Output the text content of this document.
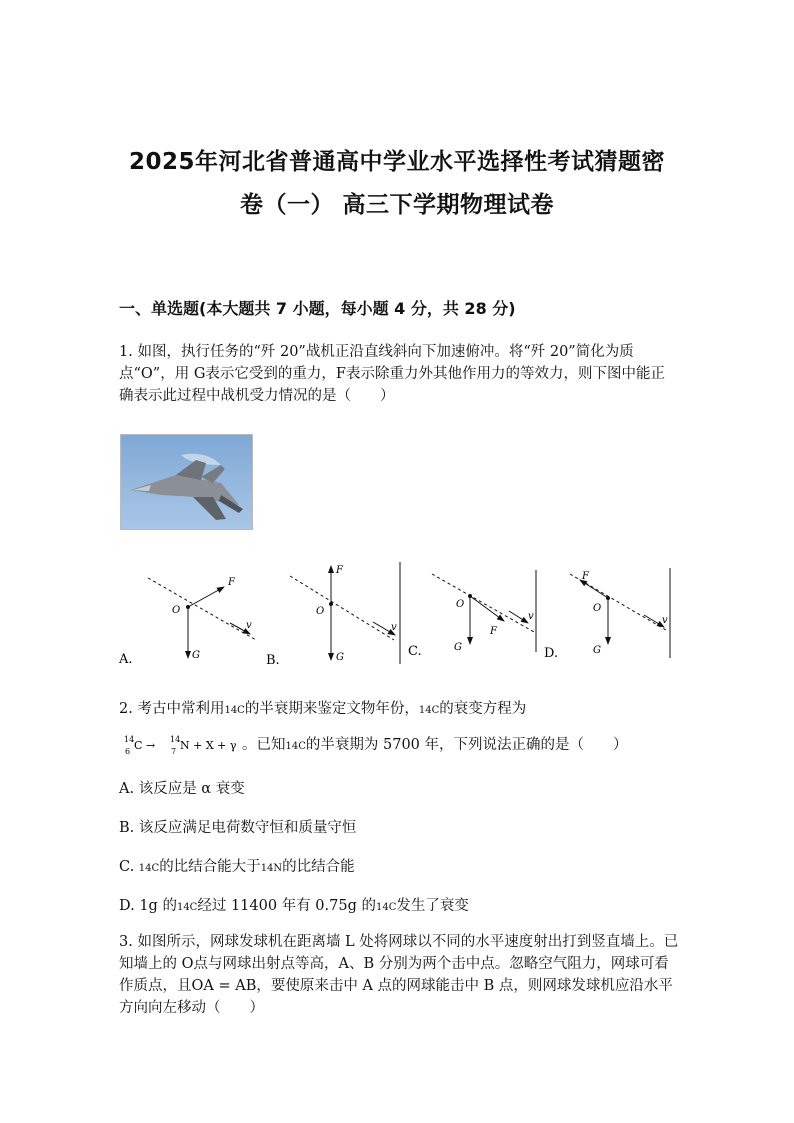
2025年河北省普通高中学业水平选择性考试猜题密
卷（一） 高三下学期物理试卷
一、单选题(本大题共 7 小题，每小题 4 分，共 28 分)
1. 如图，执行任务的“歼 20”战机正沿直线斜向下加速俯冲。将“歼 20”简化为质点“O”，用 G表示它受到的重力，F表示除重力外其他作用力的等效力，则下图中能正确表示此过程中战机受力情况的是（　　）
F
O
G
v
F
O
G
v
O
F
G
v
F
O
G
v
A.	B.
C.	D.
2. 考古中常利用14C的半衰期来鉴定文物年份，14C的衰变方程为
14
6 C → 14
7 N + X + γ 。已知14C的半衰期为 5700 年，下列说法正确的是（　　）
A. 该反应是 α 衰变
B. 该反应满足电荷数守恒和质量守恒
C. 14C的比结合能大于14N的比结合能
D. 1g 的14C经过 11400 年有 0.75g 的14C发生了衰变
3. 如图所示，网球发球机在距离墙 L 处将网球以不同的水平速度射出打到竖直墙上。已知墙上的 O点与网球出射点等高，A、B 分别为两个击中点。忽略空气阻力，网球可看作质点，且OA = AB，要使原来击中 A 点的网球能击中 B 点，则网球发球机应沿水平方向向左移动（　　）
